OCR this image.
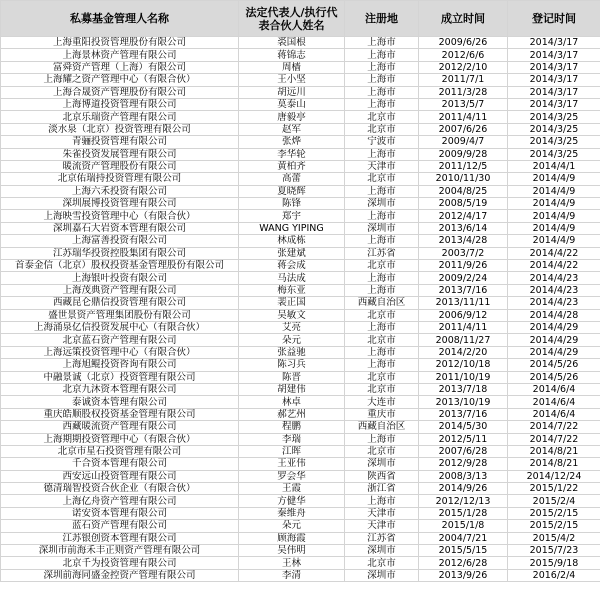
私募基金管理人名称	法定代表人/执行代表合伙人姓名	注册地	成立时间	登记时间
上海重阳投资管理股份有限公司	裘国根	上海市	2009/6/26	2014/3/17
上海景林资产管理有限公司	蒋锦志	上海市	2012/6/6	2014/3/17
富舜资产管理（上海）有限公司	周樯	上海市	2012/2/10	2014/3/17
上海耀之资产管理中心（有限合伙）	王小坚	上海市	2011/7/1	2014/3/17
上海合晟资产管理股份有限公司	胡远川	上海市	2011/3/28	2014/3/17
上海博道投资管理有限公司	莫泰山	上海市	2013/5/7	2014/3/17
北京乐瑞资产管理有限公司	唐毅亭	北京市	2011/4/11	2014/3/25
淡水泉（北京）投资管理有限公司	赵军	北京市	2007/6/26	2014/3/25
青骊投资管理有限公司	张烨	宁波市	2009/4/7	2014/3/25
朱雀投资发展管理有限公司	李华轮	上海市	2009/9/28	2014/3/25
暖流资产管理股份有限公司	黄柏齐	天津市	2011/12/5	2014/4/1
北京佑瑞持投资管理有限公司	高蕾	北京市	2010/11/30	2014/4/9
上海六禾投资有限公司	夏晓辉	上海市	2004/8/25	2014/4/9
深圳展博投资管理有限公司	陈锋	深圳市	2008/5/19	2014/4/9
上海映雪投资管理中心（有限合伙）	郑宇	上海市	2012/4/17	2014/4/9
深圳嘉石大岩资本管理有限公司	WANG YIPING	深圳市	2013/6/14	2014/4/9
上海富善投资有限公司	林成栋	上海市	2013/4/28	2014/4/9
江苏瑞华投资控股集团有限公司	张建斌	江苏省	2003/7/2	2014/4/22
首泰金信（北京）股权投资基金管理股份有限公司	蒋会成	北京市	2011/9/26	2014/4/22
上海银叶投资有限公司	马法成	上海市	2009/2/24	2014/4/23
上海茂典资产管理有限公司	梅东亚	上海市	2013/7/16	2014/4/23
西藏昆仑鼎信投资管理有限公司	裴正国	西藏自治区	2013/11/11	2014/4/23
盛世景资产管理集团股份有限公司	吴敏文	北京市	2006/9/12	2014/4/28
上海涌泉亿信投资发展中心（有限合伙）	艾亮	上海市	2011/4/11	2014/4/29
北京蓝石资产管理有限公司	朵元	北京市	2008/11/27	2014/4/29
上海远策投资管理中心（有限合伙）	张益驰	上海市	2014/2/20	2014/4/29
上海旭鲲投资咨询有限公司	陈习兵	上海市	2012/10/18	2014/5/26
中融景诚（北京）投资管理有限公司	陈晋	北京市	2011/10/19	2014/5/26
北京九沐资本管理有限公司	胡建伟	北京市	2013/7/18	2014/6/4
泰诚资本管理有限公司	林卓	大连市	2013/10/19	2014/6/4
重庆皓顺股权投资基金管理有限公司	郝艺州	重庆市	2013/7/16	2014/6/4
西藏暖流资产管理有限公司	程鹏	西藏自治区	2014/5/30	2014/7/22
上海期期投资管理中心（有限合伙）	李瑞	上海市	2012/5/11	2014/7/22
北京市星石投资管理有限公司	江晖	北京市	2007/6/28	2014/8/21
千合资本管理有限公司	王亚伟	深圳市	2012/9/28	2014/8/21
西安远山投资管理有限公司	罗会华	陕西省	2008/3/13	2014/12/24
德清瑞智投资合伙企业（有限合伙）	王霞	浙江省	2014/9/26	2015/1/22
上海亿舟资产管理有限公司	方健华	上海市	2012/12/13	2015/2/4
诺安资本管理有限公司	秦维舟	天津市	2015/1/28	2015/2/15
蓝石资产管理有限公司	朵元	天津市	2015/1/8	2015/2/15
江苏银创资本管理有限公司	顾海霞	江苏省	2004/7/21	2015/4/2
深圳市前海禾丰正则资产管理有限公司	吴伟明	深圳市	2015/5/15	2015/7/23
北京千为投资管理有限公司	王林	北京市	2012/6/28	2015/9/18
深圳前海同盛金控资产管理有限公司	李清	深圳市	2013/9/26	2016/2/4
